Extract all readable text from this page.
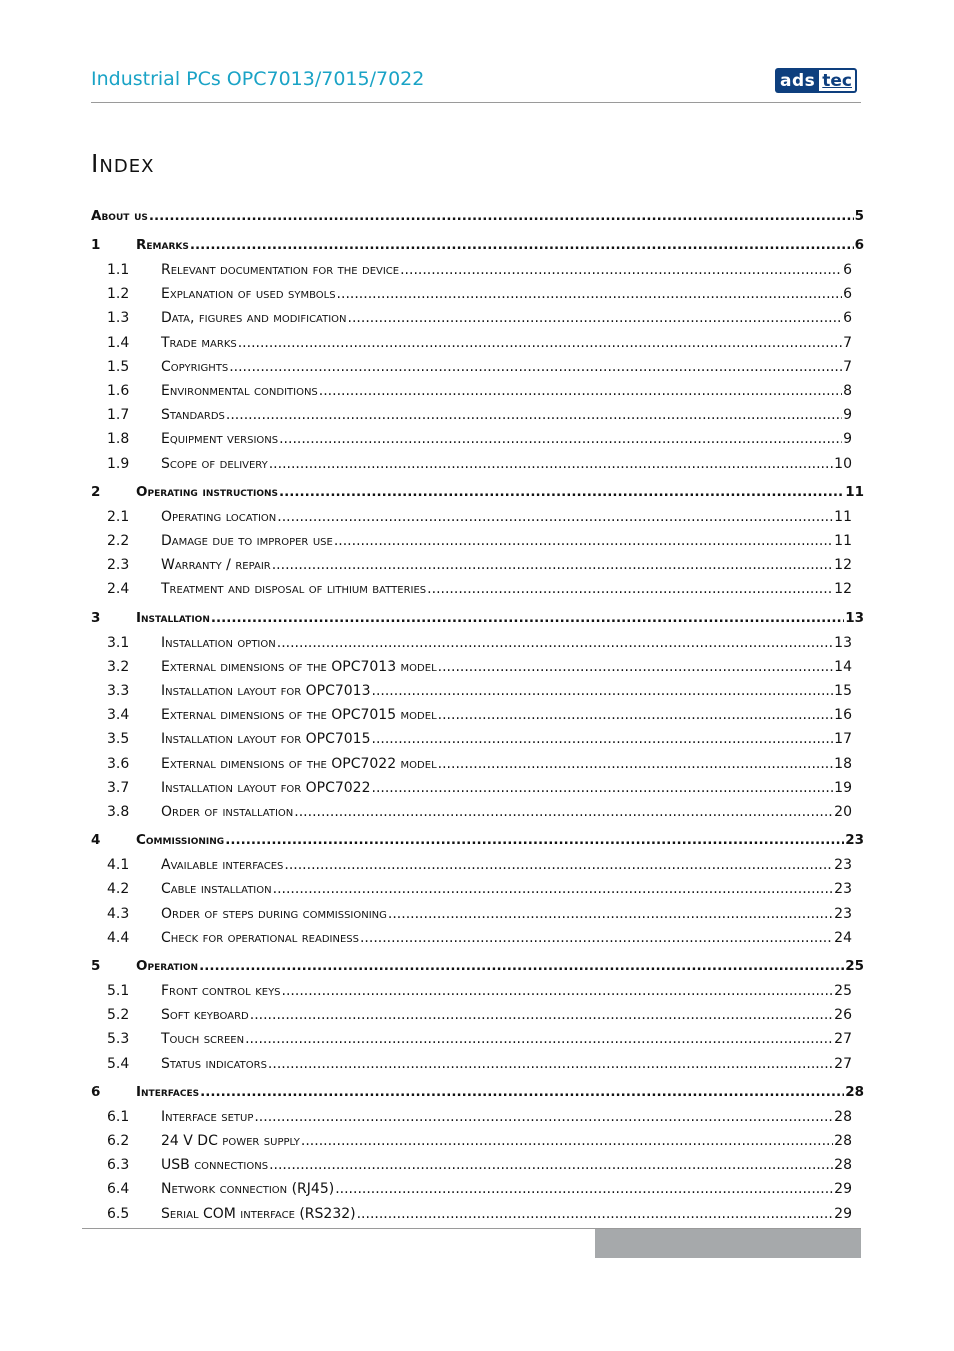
Industrial PCs OPC7013/7015/7022	ads tec
Index
About us .....	5
1	Remarks .....	6
1.1	Relevant documentation for the device .....	6
1.2	Explanation of used symbols .....	6
1.3	Data, figures and modification .....	6
1.4	Trade marks .....	7
1.5	Copyrights .....	7
1.6	Environmental conditions .....	8
1.7	Standards .....	9
1.8	Equipment versions .....	9
1.9	Scope of delivery .....	10
2	Operating instructions .....	11
2.1	Operating location .....	11
2.2	Damage due to improper use .....	11
2.3	Warranty / repair .....	12
2.4	Treatment and disposal of lithium batteries .....	12
3	Installation .....	13
3.1	Installation option .....	13
3.2	External dimensions of the OPC7013 model .....	14
3.3	Installation layout for OPC7013 .....	15
3.4	External dimensions of the OPC7015 model .....	16
3.5	Installation layout for OPC7015 .....	17
3.6	External dimensions of the OPC7022 model .....	18
3.7	Installation layout for OPC7022 .....	19
3.8	Order of installation .....	20
4	Commissioning .....	23
4.1	Available interfaces .....	23
4.2	Cable installation .....	23
4.3	Order of steps during commissioning .....	23
4.4	Check for operational readiness .....	24
5	Operation .....	25
5.1	Front control keys .....	25
5.2	Soft keyboard .....	26
5.3	Touch screen .....	27
5.4	Status indicators .....	27
6	Interfaces .....	28
6.1	Interface setup .....	28
6.2	24 V DC power supply .....	28
6.3	USB connections .....	28
6.4	Network connection (RJ45) .....	29
6.5	Serial COM interface (RS232) .....	29
